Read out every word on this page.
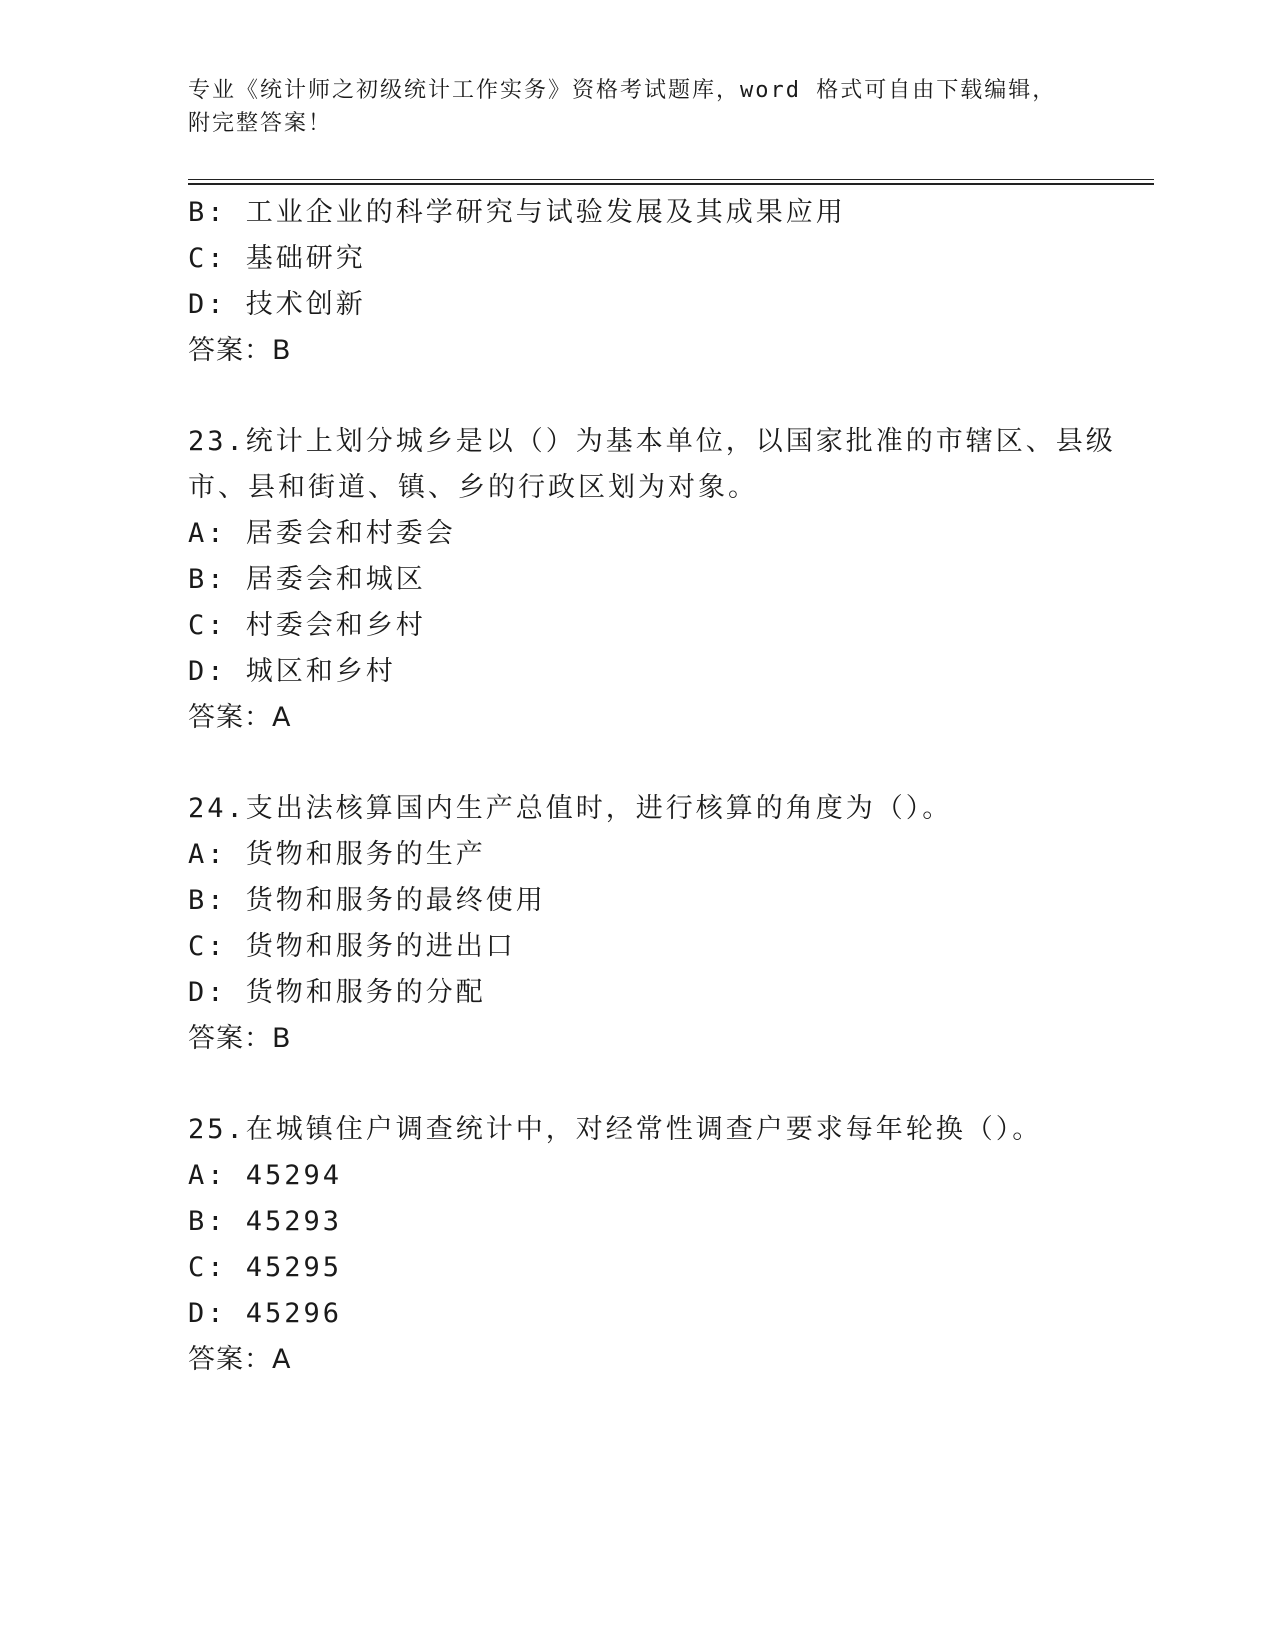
专业《统计师之初级统计工作实务》资格考试题库，word 格式可自由下载编辑，
附完整答案！
B: 工业企业的科学研究与试验发展及其成果应用
C: 基础研究
D: 技术创新
答案：B
23.统计上划分城乡是以（）为基本单位，以国家批准的市辖区、县级
市、县和街道、镇、乡的行政区划为对象。
A: 居委会和村委会
B: 居委会和城区
C: 村委会和乡村
D: 城区和乡村
答案：A
24.支出法核算国内生产总值时，进行核算的角度为（）。
A: 货物和服务的生产
B: 货物和服务的最终使用
C: 货物和服务的进出口
D: 货物和服务的分配
答案：B
25.在城镇住户调查统计中，对经常性调查户要求每年轮换（）。
A: 45294
B: 45293
C: 45295
D: 45296
答案：A
